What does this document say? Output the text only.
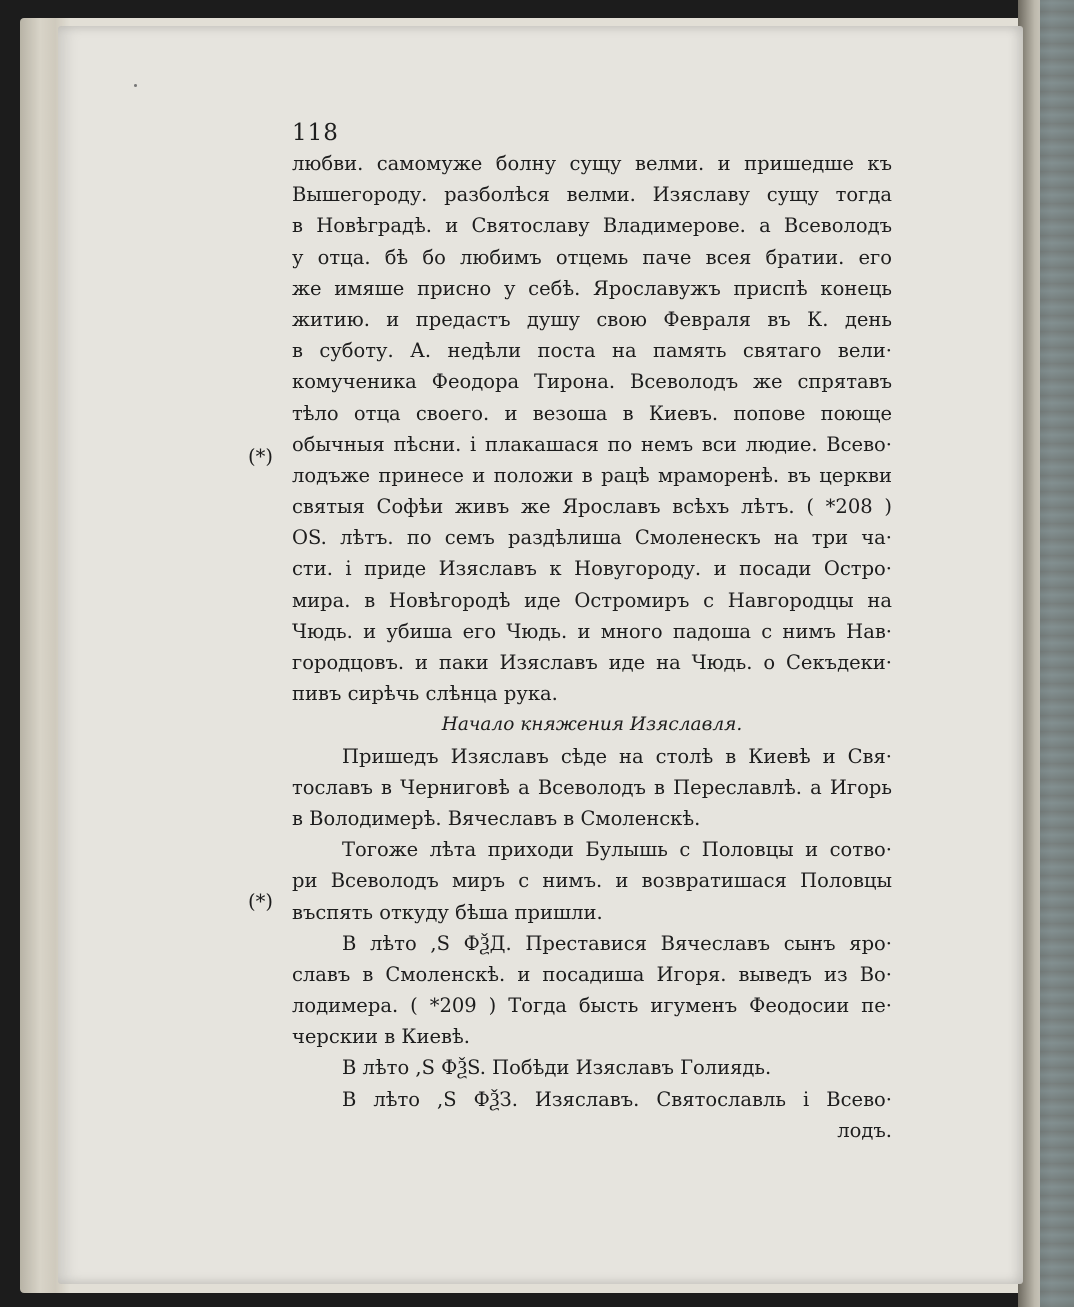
118
(*)
(*)
любви. самомуже болну сущу велми. и пришедше къ
Вышегороду. разболѣся велми. Изяславу сущу тогда
в Новѣградѣ. и Святославу Владимерове. а Всеволодъ
у отца. бѣ бо любимъ отцемь паче всея братии. его
же имяше присно у себѣ. Ярославужъ приспѣ конець
житию. и предастъ душу свою Февраля въ К. день
в суботу. А. недѣли поста на память святаго вели·
комученика Феодора Тирона. Всеволодъ же спрятавъ
тѣло отца своего. и везоша в Киевъ. попове поюще
обычныя пѣсни. і плакашася по немъ вси людие. Всево·
лодъже принесе и положи в рацѣ мраморенѣ. въ церкви
святыя Софѣи живъ же Ярославъ всѣхъ лѣтъ. ( *208 )
OS. лѣтъ. по семъ раздѣлиша Смоленескъ на три ча·
сти. і приде Изяславъ к Новугороду. и посади Остро·
мира. в Новѣгородѣ иде Остромиръ с Навгородцы на
Чюдь. и убиша его Чюдь. и много падоша с нимъ Нав·
городцовъ. и паки Изяславъ иде на Чюдь. о Секъдеки·
пивъ сирѣчь слѣнца рука.
Начало княжения Изяславля.
Пришедъ Изяславъ сѣде на столѣ в Киевѣ и Свя·
тославъ в Черниговѣ а Всеволодъ в Переславлѣ. а Игорь
в Володимерѣ. Вячеславъ в Смоленскѣ.
Тогоже лѣта приходи Булышь с Половцы и сотво·
ри Всеволодъ миръ с нимъ. и возвратишася Половцы
въспять откуду бѣша пришли.
В лѣто ,S ФѮД. Преставися Вячеславъ сынъ яро·
славъ в Смоленскѣ. и посадиша Игоря. выведъ из Во·
лодимера. ( *209 ) Тогда бысть игуменъ Феодосии пе·
черскии в Киевѣ.
В лѣто ,S ФѮS. Побѣди Изяславъ Голиядь.
В лѣто ,S ФѮЗ. Изяславъ. Святославль і Всево·
лодъ.
